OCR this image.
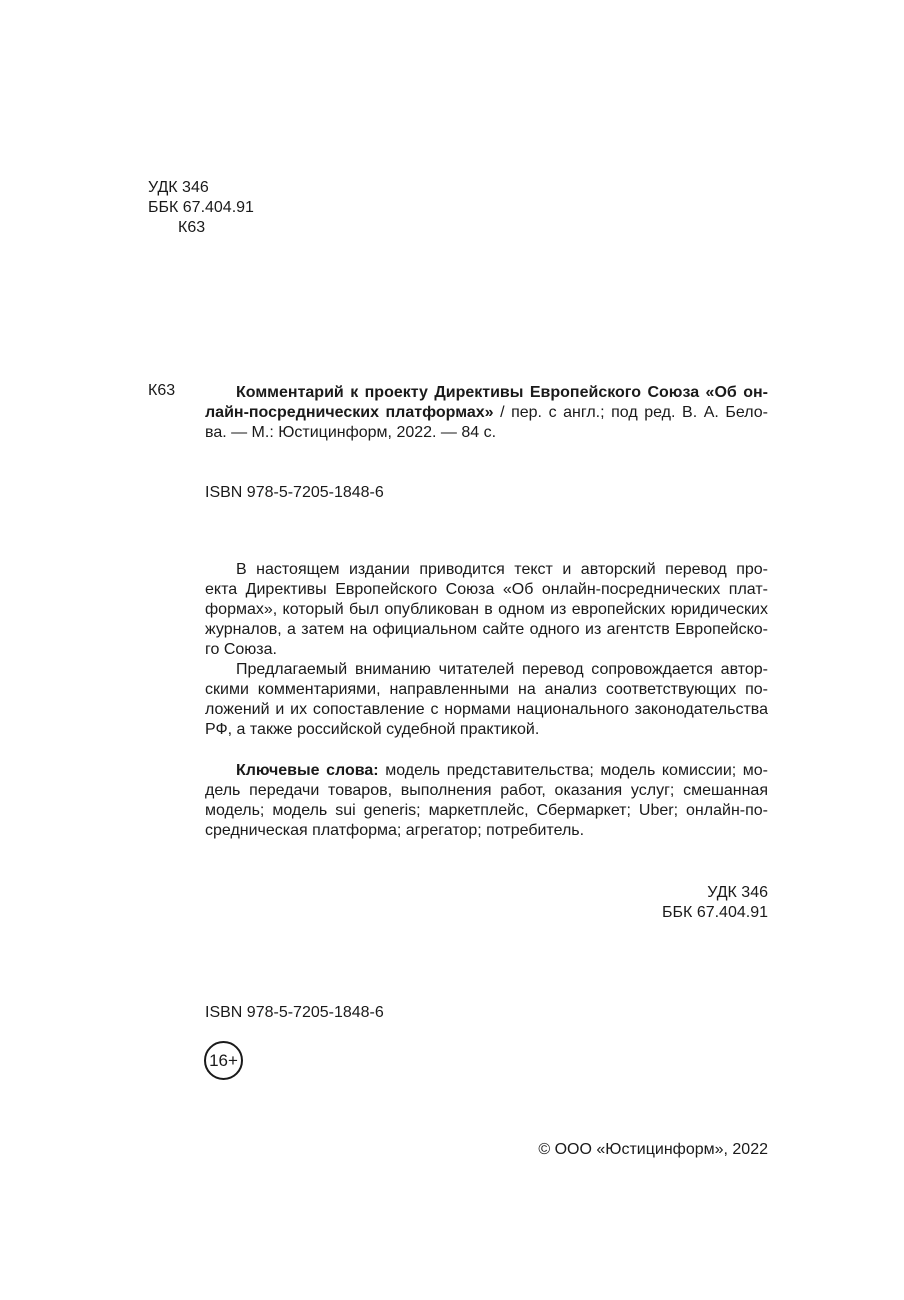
УДК 346
ББК 67.404.91
К63
К63	Комментарий к проекту Директивы Европейского Союза «Об он-
лайн-посреднических платформах» / пер. с англ.; под ред. В. А. Бело-
ва. — М.: Юстицинформ, 2022. — 84 с.
ISBN 978-5-7205-1848-6
В настоящем издании приводится текст и авторский перевод про-
екта Директивы Европейского Союза «Об онлайн-посреднических плат-
формах», который был опубликован в одном из европейских юридических
журналов, а затем на официальном сайте одного из агентств Европейско-
го Союза.
Предлагаемый вниманию читателей перевод сопровождается автор-
скими комментариями, направленными на анализ соответствующих по-
ложений и их сопоставление с нормами национального законодательства
РФ, а также российской судебной практикой.
Ключевые слова: модель представительства; модель комиссии; мо-
дель передачи товаров, выполнения работ, оказания услуг; смешанная
модель; модель sui generis; маркетплейс, Сбермаркет; Uber; онлайн-по-
средническая платформа; агрегатор; потребитель.
УДК 346
ББК 67.404.91
ISBN 978-5-7205-1848-6
16+
© ООО «Юстицинформ», 2022
